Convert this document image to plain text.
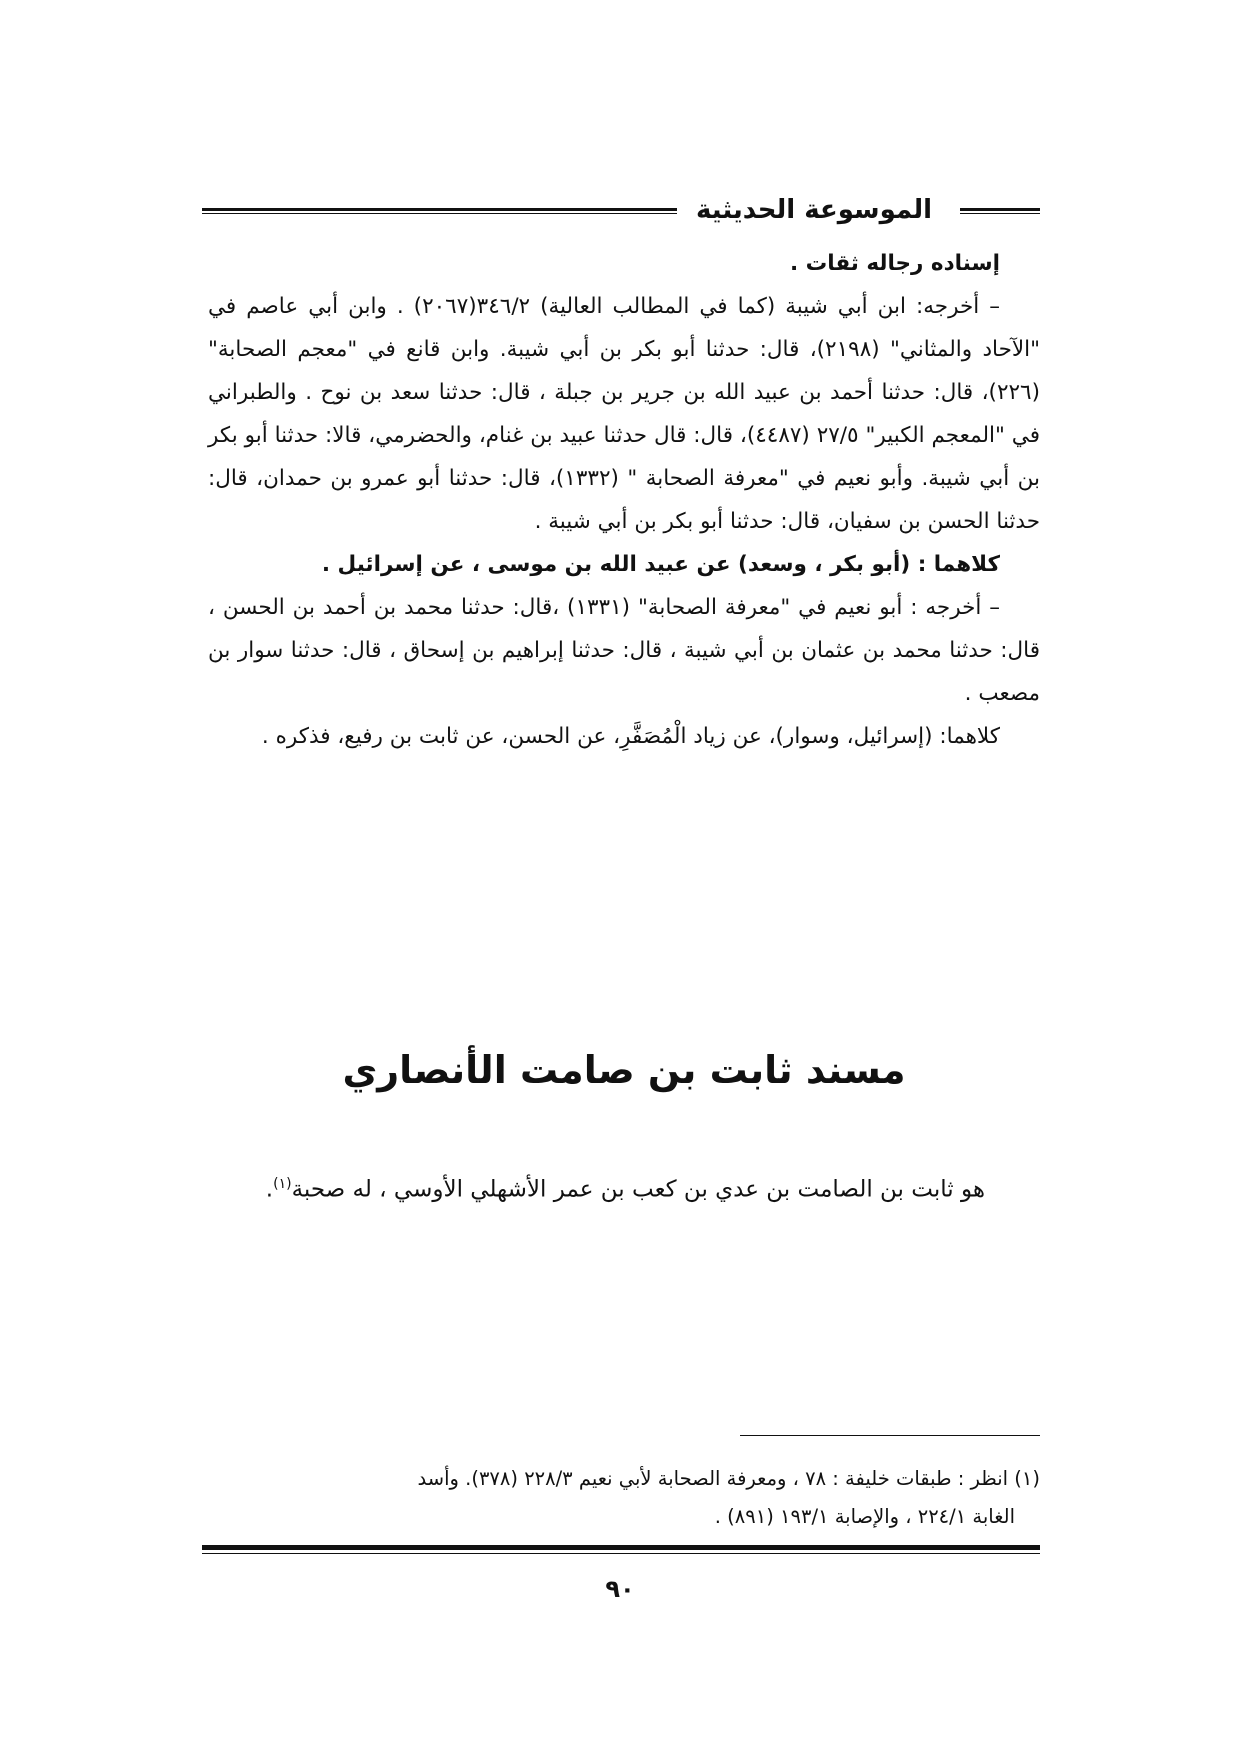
الموسوعة الحديثية

إسناده رجاله ثقات .

– أخرجه: ابن أبي شيبة (كما في المطالب العالية) ٣٤٦/٢(٢٠٦٧) . وابن أبي عاصم في "الآحاد والمثاني" (٢١٩٨)، قال: حدثنا أبو بكر بن أبي شيبة. وابن قانع في "معجم الصحابة" (٢٢٦)، قال: حدثنا أحمد بن عبيد الله بن جرير بن جبلة ، قال: حدثنا سعد بن نوح . والطبراني في "المعجم الكبير" ٢٧/٥ (٤٤٨٧)، قال: قال حدثنا عبيد بن غنام، والحضرمي، قالا: حدثنا أبو بكر بن أبي شيبة. وأبو نعيم في "معرفة الصحابة " (١٣٣٢)، قال: حدثنا أبو عمرو بن حمدان، قال: حدثنا الحسن بن سفيان، قال: حدثنا أبو بكر بن أبي شيبة .

كلاهما : (أبو بكر ، وسعد) عن عبيد الله بن موسى ، عن إسرائيل .

– أخرجه : أبو نعيم في "معرفة الصحابة" (١٣٣١) ،قال: حدثنا محمد بن أحمد بن الحسن ، قال: حدثنا محمد بن عثمان بن أبي شيبة ، قال: حدثنا إبراهيم بن إسحاق ، قال: حدثنا سوار بن مصعب .

كلاهما: (إسرائيل، وسوار)، عن زياد الْمُصَفَّرِ، عن الحسن، عن ثابت بن رفيع، فذكره .

مسند ثابت بن صامت الأنصاري

هو ثابت بن الصامت بن عدي بن كعب بن عمر الأشهلي الأوسي ، له صحبة$^{(١)}$.

(١) انظر : طبقات خليفة : ٧٨ ، ومعرفة الصحابة لأبي نعيم ٢٢٨/٣ (٣٧٨). وأسد

الغابة ٢٢٤/١ ، والإصابة ١٩٣/١ (٨٩١) .

٩٠
